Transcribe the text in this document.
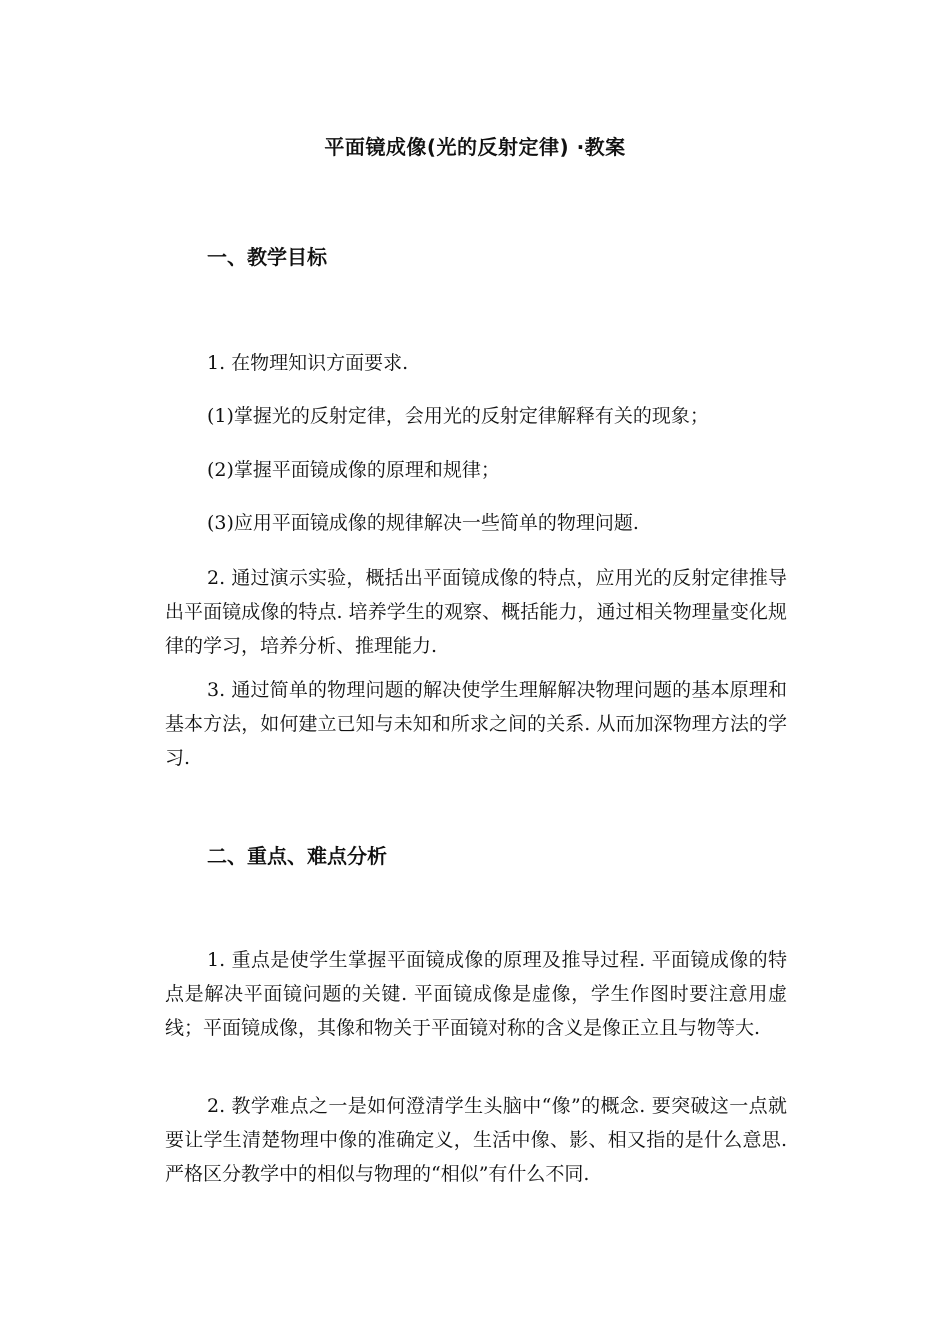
平面镜成像(光的反射定律) ·教案
一、教学目标
1. 在物理知识方面要求.
(1)掌握光的反射定律，会用光的反射定律解释有关的现象；
(2)掌握平面镜成像的原理和规律；
(3)应用平面镜成像的规律解决一些简单的物理问题.
2. 通过演示实验，概括出平面镜成像的特点，应用光的反射定律推导出平面镜成像的特点. 培养学生的观察、概括能力，通过相关物理量变化规律的学习，培养分析、推理能力.
3. 通过简单的物理问题的解决使学生理解解决物理问题的基本原理和基本方法，如何建立已知与未知和所求之间的关系. 从而加深物理方法的学习.
二、重点、难点分析
1. 重点是使学生掌握平面镜成像的原理及推导过程. 平面镜成像的特点是解决平面镜问题的关键. 平面镜成像是虚像，学生作图时要注意用虚线；平面镜成像，其像和物关于平面镜对称的含义是像正立且与物等大.
2. 教学难点之一是如何澄清学生头脑中“像”的概念. 要突破这一点就要让学生清楚物理中像的准确定义，生活中像、影、相又指的是什么意思. 严格区分教学中的相似与物理的“相似”有什么不同.
